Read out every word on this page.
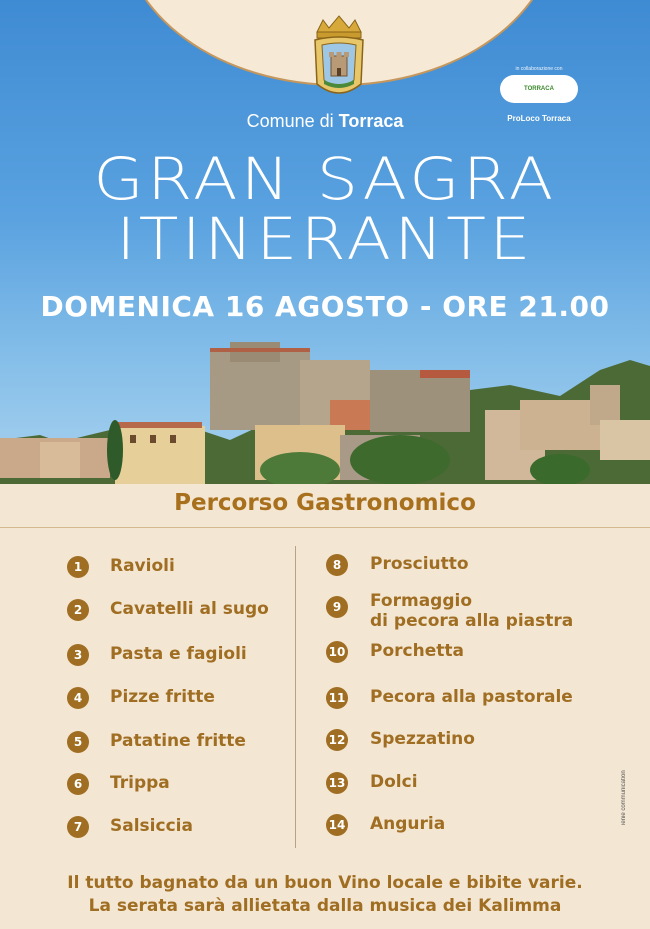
Comune di Torraca
in collaborazione con
TORRACA
ProLoco Torraca
GRAN SAGRA
ITINERANTE
DOMENICA 16 AGOSTO - ORE 21.00
Percorso Gastronomico
1	Ravioli
2	Cavatelli al sugo
3	Pasta e fagioli
4	Pizze fritte
5	Patatine fritte
6	Trippa
7	Salsiccia
8	Prosciutto
9	Formaggio
di pecora alla piastra
10 Porchetta
11 Pecora alla pastorale
12 Spezzatino
13 Dolci
14 Anguria
Il tutto bagnato da un buon Vino locale e bibite varie.
La serata sarà allietata dalla musica dei Kalimma
ienie communication
